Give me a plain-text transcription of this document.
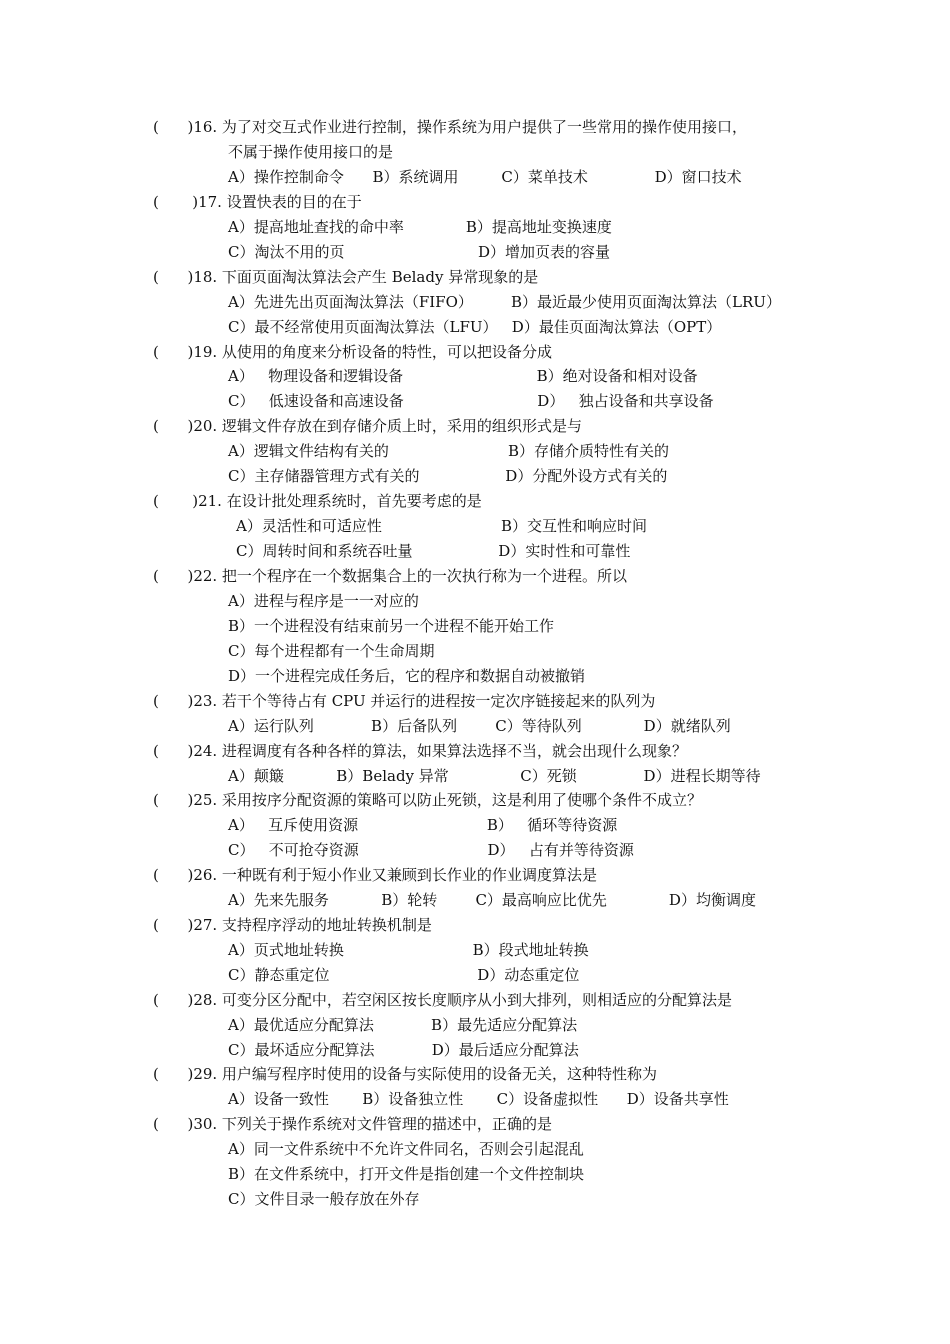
(      )16. 为了对交互式作业进行控制，操作系统为用户提供了一些常用的操作使用接口，
不属于操作使用接口的是
A）操作控制命令      B）系统调用         C）菜单技术              D）窗口技术
(       )17. 设置快表的目的在于
A）提高地址查找的命中率             B）提高地址变换速度
C）淘汰不用的页                            D）增加页表的容量
(      )18. 下面页面淘汰算法会产生 Belady 异常现象的是
A）先进先出页面淘汰算法（FIFO）        B）最近最少使用页面淘汰算法（LRU）
C）最不经常使用页面淘汰算法（LFU）   D）最佳页面淘汰算法（OPT）
(      )19. 从使用的角度来分析设备的特性，可以把设备分成
A）   物理设备和逻辑设备                            B）绝对设备和相对设备
C）   低速设备和高速设备                            D）   独占设备和共享设备
(      )20. 逻辑文件存放在到存储介质上时，采用的组织形式是与
A）逻辑文件结构有关的                         B）存储介质特性有关的
C）主存储器管理方式有关的                  D）分配外设方式有关的
(       )21. 在设计批处理系统时，首先要考虑的是
A）灵活性和可适应性                         B）交互性和响应时间
C）周转时间和系统吞吐量                  D）实时性和可靠性
(      )22. 把一个程序在一个数据集合上的一次执行称为一个进程。所以
A）进程与程序是一一对应的
B）一个进程没有结束前另一个进程不能开始工作
C）每个进程都有一个生命周期
D）一个进程完成任务后，它的程序和数据自动被撤销
(      )23. 若干个等待占有 CPU 并运行的进程按一定次序链接起来的队列为
A）运行队列            B）后备队列        C）等待队列             D）就绪队列
(      )24. 进程调度有各种各样的算法，如果算法选择不当，就会出现什么现象？
A）颠簸           B）Belady 异常               C）死锁              D）进程长期等待
(      )25. 采用按序分配资源的策略可以防止死锁，这是利用了使哪个条件不成立？
A）   互斥使用资源                           B）   循环等待资源
C）   不可抢夺资源                           D）   占有并等待资源
(      )26. 一种既有利于短小作业又兼顾到长作业的作业调度算法是
A）先来先服务           B）轮转        C）最高响应比优先             D）均衡调度
(      )27. 支持程序浮动的地址转换机制是
A）页式地址转换                           B）段式地址转换
C）静态重定位                               D）动态重定位
(      )28. 可变分区分配中，若空闲区按长度顺序从小到大排列，则相适应的分配算法是
A）最优适应分配算法            B）最先适应分配算法
C）最坏适应分配算法            D）最后适应分配算法
(      )29. 用户编写程序时使用的设备与实际使用的设备无关，这种特性称为
A）设备一致性       B）设备独立性       C）设备虚拟性      D）设备共享性
(      )30. 下列关于操作系统对文件管理的描述中，正确的是
A）同一文件系统中不允许文件同名，否则会引起混乱
B）在文件系统中，打开文件是指创建一个文件控制块
C）文件目录一般存放在外存
